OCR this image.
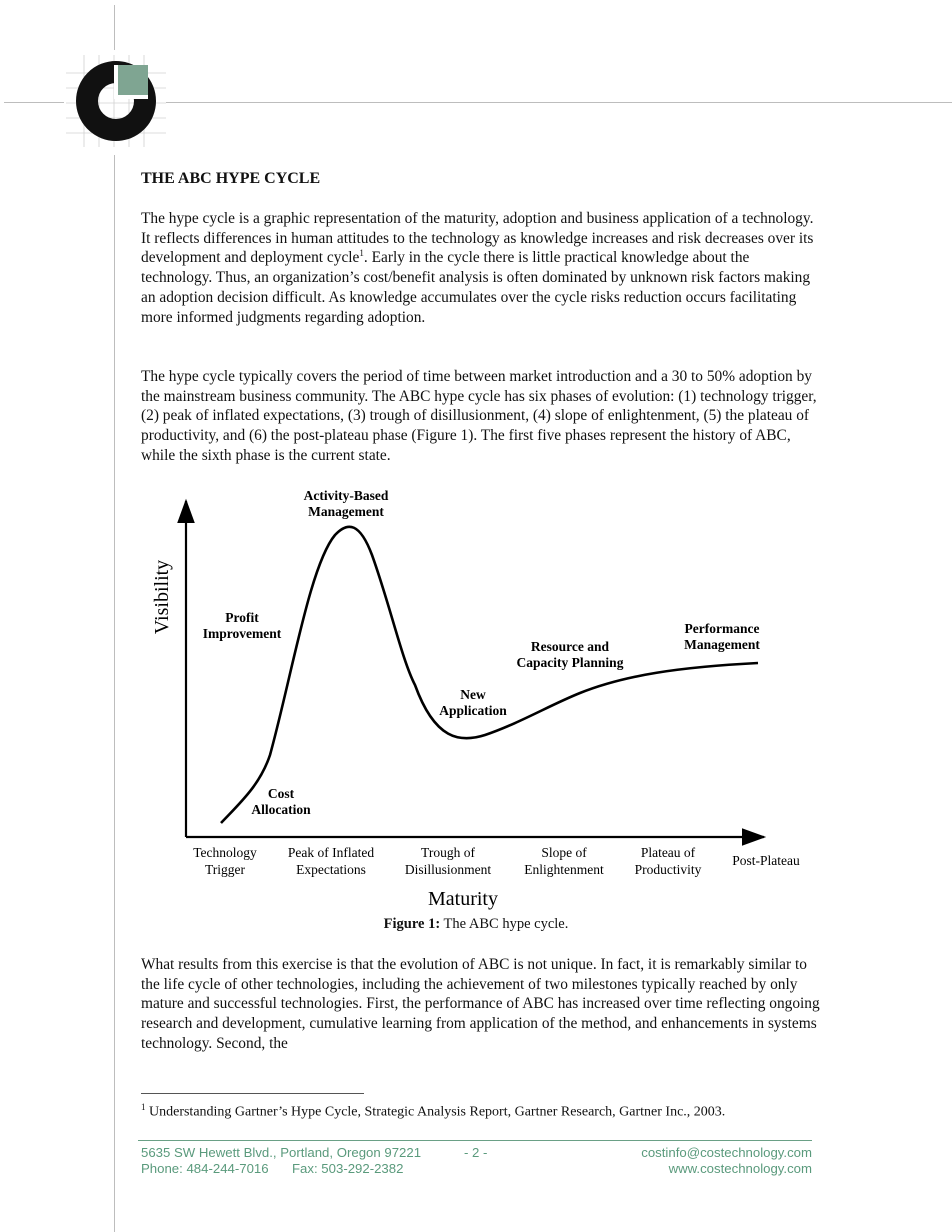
THE ABC HYPE CYCLE

The hype cycle is a graphic representation of the maturity, adoption and business application of a technology. It reflects differences in human attitudes to the technology as knowledge increases and risk decreases over its development and deployment cycle$^1$. Early in the cycle there is little practical knowledge about the technology. Thus, an organization’s cost/benefit analysis is often dominated by unknown risk factors making an adoption decision difficult. As knowledge accumulates over the cycle risks reduction occurs facilitating more informed judgments regarding adoption.

The hype cycle typically covers the period of time between market introduction and a 30 to 50% adoption by the mainstream business community. The ABC hype cycle has six phases of evolution: (1) technology trigger, (2) peak of inflated expectations, (3) trough of disillusionment, (4) slope of enlightenment, (5) the plateau of productivity, and (6) the post-plateau phase (Figure 1). The first five phases represent the history of ABC, while the sixth phase is the current state.

Visibility
Maturity
Technology
Trigger
Peak of Inflated
Expectations
Trough of
Disillusionment
Slope of
Enlightenment
Plateau of
Productivity
Post-Plateau
Cost
Allocation
Profit
Improvement
Activity-Based
Management
New
Application
Resource and
Capacity Planning
Performance
Management
Figure 1: The ABC hype cycle.

What results from this exercise is that the evolution of ABC is not unique. In fact, it is remarkably similar to the life cycle of other technologies, including the achievement of two milestones typically reached by only mature and successful technologies. First, the performance of ABC has increased over time reflecting ongoing research and development, cumulative learning from application of the method, and enhancements in systems technology. Second, the

$^1$ Understanding Gartner’s Hype Cycle, Strategic Analysis Report, Gartner Research, Gartner Inc., 2003.
5635 SW Hewett Blvd., Portland, Oregon 97221	- 2 -	costinfo@costechnology.com
Phone: 484-244-7016 Fax: 503-292-2382	www.costechnology.com
